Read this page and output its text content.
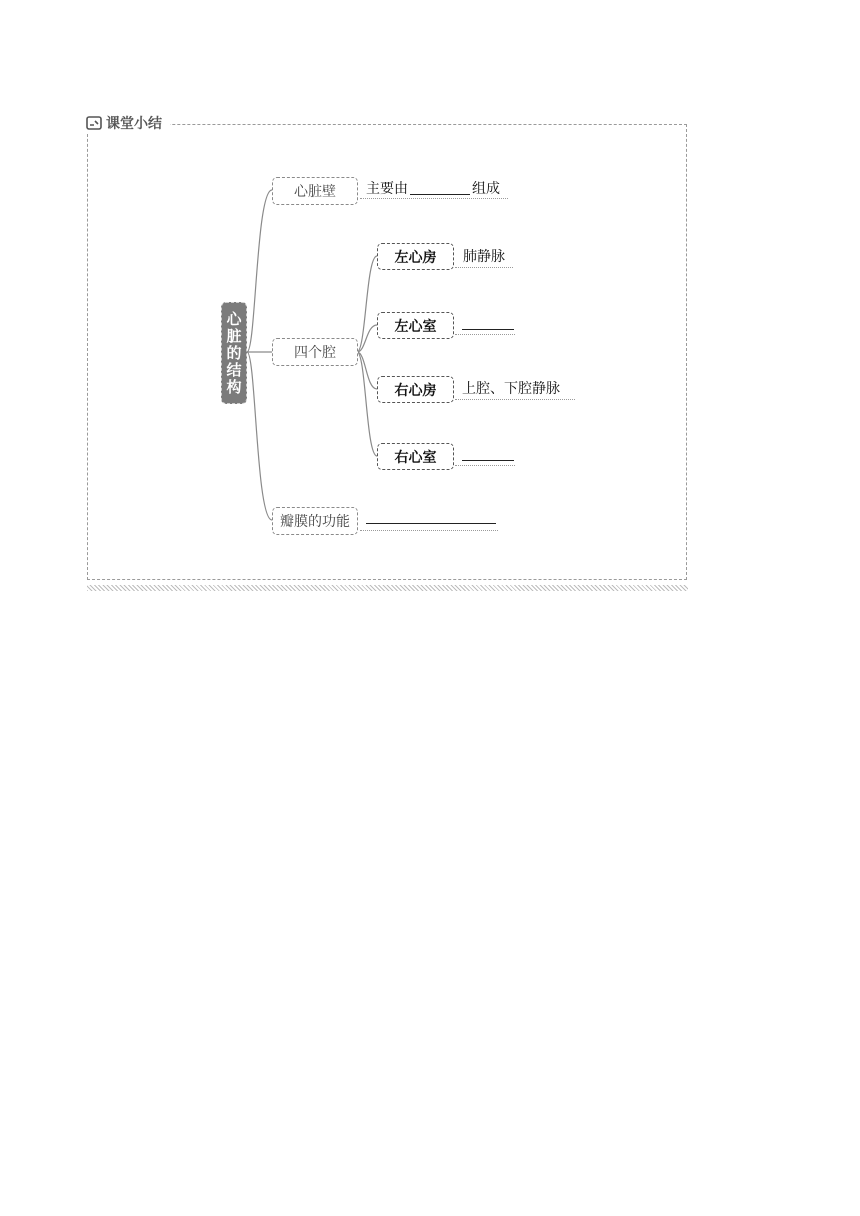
课堂小结
心脏的结构
心脏壁	主要由	组成
四个腔
左心房	肺静脉
左心室
右心房	上腔、下腔静脉
右心室
瓣膜的功能
